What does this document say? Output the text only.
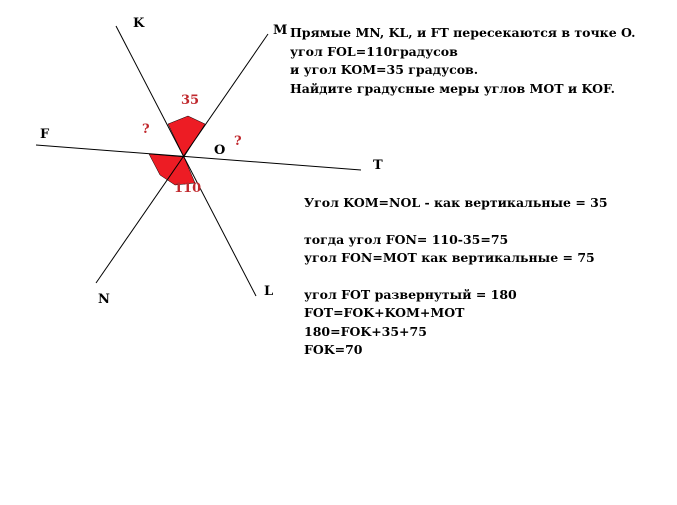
K	M
F
O
T
N
L
35
110
?
?
Прямые MN, KL, и FT пересекаются в точке O.
угол FOL=110градусов
и угол KOM=35 градусов.
Найдите градусные меры углов MOT и KOF.
Угол KOM=NOL - как вертикальные = 35
тогда угол FON= 110-35=75
угол FON=MOT как вертикальные = 75
угол FOT развернутый = 180
FOT=FOK+KOM+MOT
180=FOK+35+75
FOK=70
